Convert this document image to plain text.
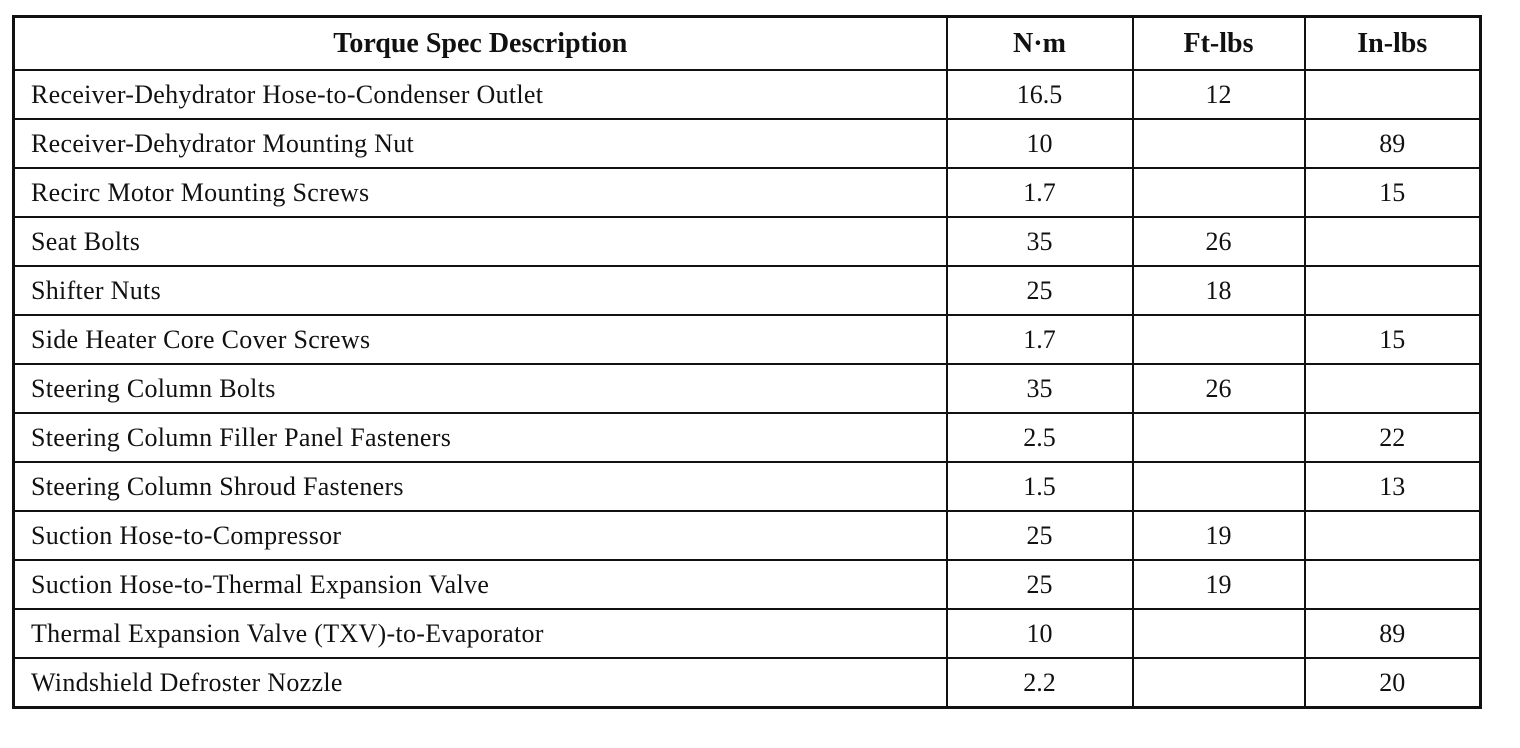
Torque Spec Description	N·m	Ft-lbs	In-lbs
Receiver-Dehydrator Hose-to-Condenser Outlet	16.5	12	
Receiver-Dehydrator Mounting Nut	10		89
Recirc Motor Mounting Screws	1.7		15
Seat Bolts	35	26	
Shifter Nuts	25	18	
Side Heater Core Cover Screws	1.7		15
Steering Column Bolts	35	26	
Steering Column Filler Panel Fasteners	2.5		22
Steering Column Shroud Fasteners	1.5		13
Suction Hose-to-Compressor	25	19	
Suction Hose-to-Thermal Expansion Valve	25	19	
Thermal Expansion Valve (TXV)-to-Evaporator	10		89
Windshield Defroster Nozzle	2.2		20
